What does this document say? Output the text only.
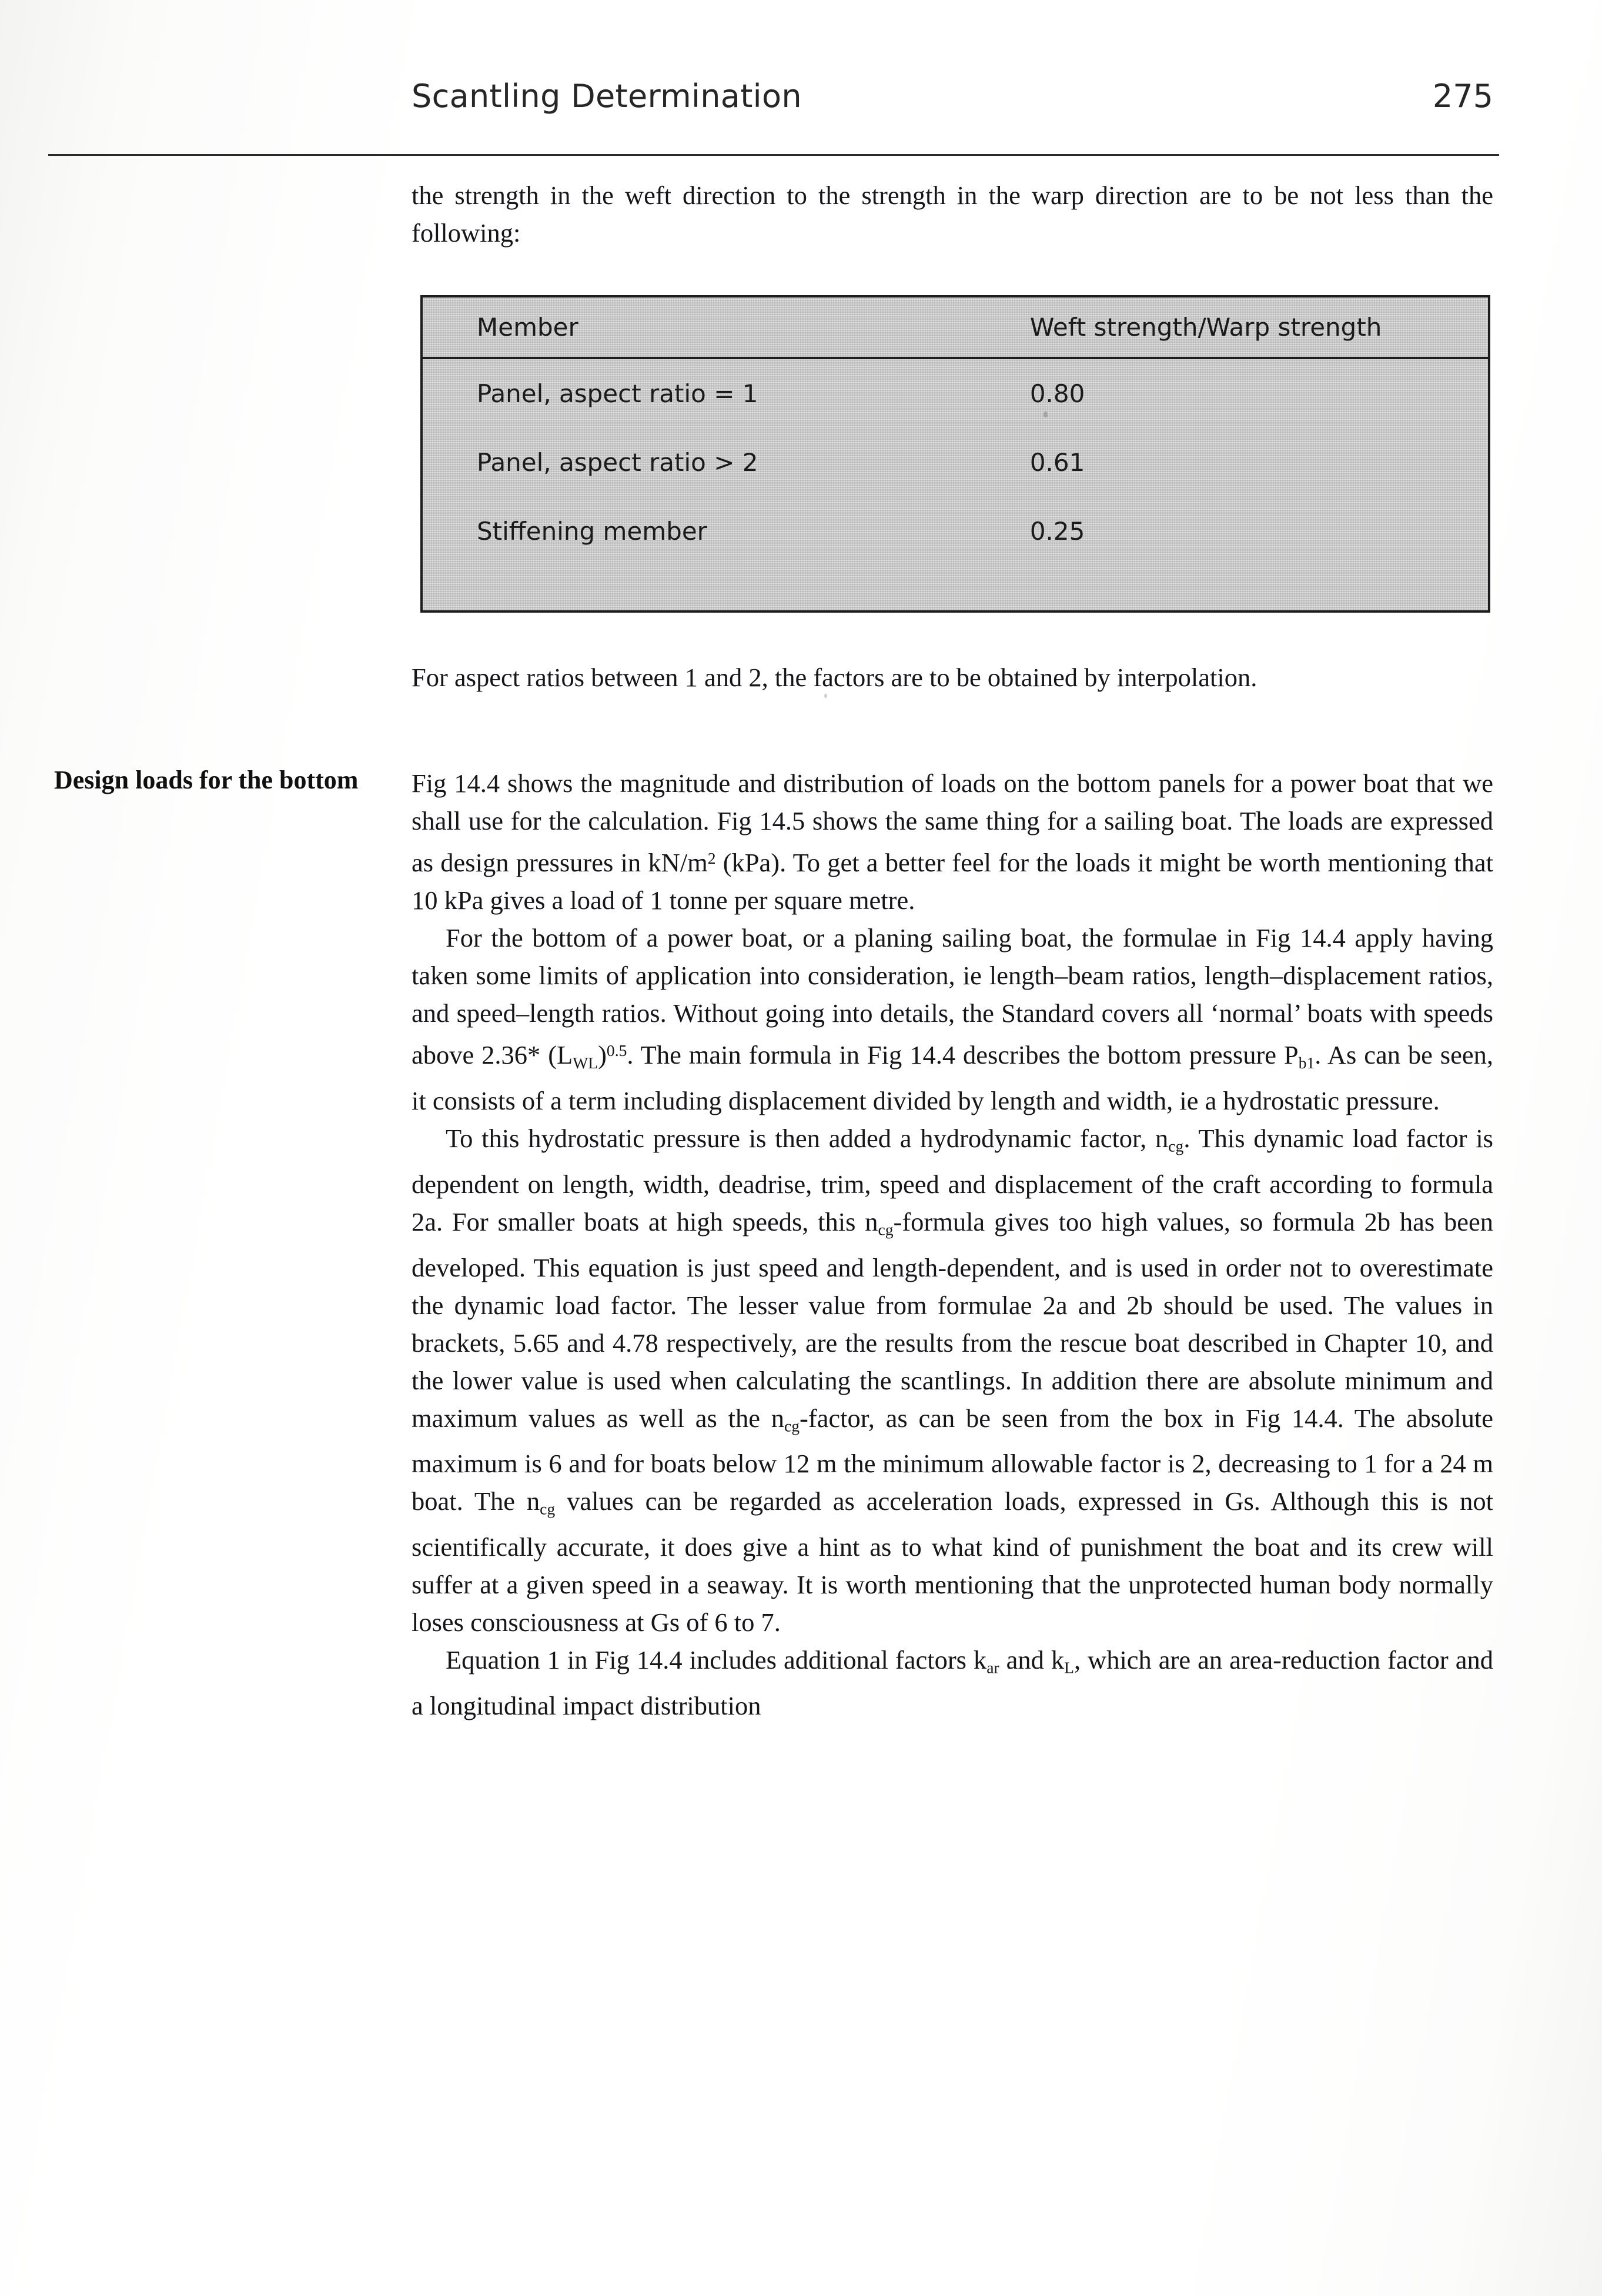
Scantling Determination	275

the strength in the weft direction to the strength in the warp direction are to be not less than the following:

Member	Weft strength/Warp strength
Panel, aspect ratio = 1	0.80
Panel, aspect ratio > 2	0.61
Stiffening member	0.25

For aspect ratios between 1 and 2, the factors are to be obtained by interpolation.

Design loads for the bottom	Fig 14.4 shows the magnitude and distribution of loads on the bottom panels for a power boat that we shall use for the calculation. Fig 14.5 shows the same thing for a sailing boat. The loads are expressed as design pressures in $kN/m^2$ (kPa). To get a better feel for the loads it might be worth mentioning that 10 kPa gives a load of 1 tonne per square metre.

For the bottom of a power boat, or a planing sailing boat, the formulae in Fig 14.4 apply having taken some limits of application into consideration, ie length–beam ratios, length–displacement ratios, and speed–length ratios. Without going into details, the Standard covers all ‘normal’ boats with speeds above 2.36* $(L_{WL})^{0.5}$. The main formula in Fig 14.4 describes the bottom pressure $P_{b1}$. As can be seen, it consists of a term including displacement divided by length and width, ie a hydrostatic pressure.

To this hydrostatic pressure is then added a hydrodynamic factor, $n_{cg}$. This dynamic load factor is dependent on length, width, deadrise, trim, speed and displacement of the craft according to formula 2a. For smaller boats at high speeds, this $n_{cg}$-formula gives too high values, so formula 2b has been developed. This equation is just speed and length-dependent, and is used in order not to overestimate the dynamic load factor. The lesser value from formulae 2a and 2b should be used. The values in brackets, 5.65 and 4.78 respectively, are the results from the rescue boat described in Chapter 10, and the lower value is used when calculating the scantlings. In addition there are absolute minimum and maximum values as well as the $n_{cg}$-factor, as can be seen from the box in Fig 14.4. The absolute maximum is 6 and for boats below 12 m the minimum allowable factor is 2, decreasing to 1 for a 24 m boat. The $n_{cg}$ values can be regarded as acceleration loads, expressed in Gs. Although this is not scientifically accurate, it does give a hint as to what kind of punishment the boat and its crew will suffer at a given speed in a seaway. It is worth mentioning that the unprotected human body normally loses consciousness at Gs of 6 to 7.

Equation 1 in Fig 14.4 includes additional factors $k_{ar}$ and $k_L$, which are an area-reduction factor and a longitudinal impact distribution
